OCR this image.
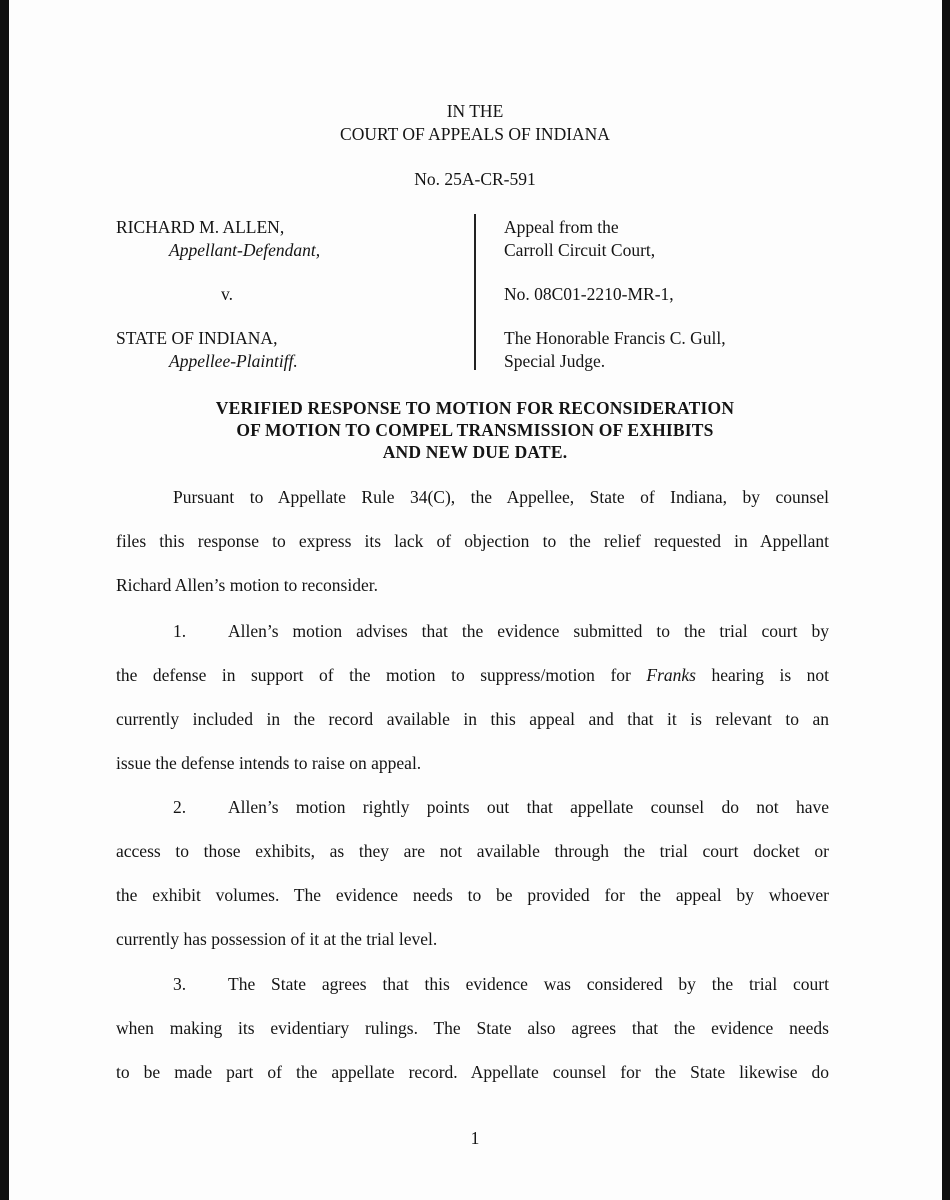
IN THE
COURT OF APPEALS OF INDIANA
No. 25A-CR-591
RICHARD M. ALLEN,
Appellant-Defendant,
v.
STATE OF INDIANA,
Appellee-Plaintiff.
Appeal from the
Carroll Circuit Court,
No. 08C01-2210-MR-1,
The Honorable Francis C. Gull,
Special Judge.
VERIFIED RESPONSE TO MOTION FOR RECONSIDERATION
OF MOTION TO COMPEL TRANSMISSION OF EXHIBITS
AND NEW DUE DATE.
Pursuant to Appellate Rule 34(C), the Appellee, State of Indiana, by counsel
files this response to express its lack of objection to the relief requested in Appellant
Richard Allen’s motion to reconsider.
1. Allen’s motion advises that the evidence submitted to the trial court by
the defense in support of the motion to suppress/motion for Franks hearing is not
currently included in the record available in this appeal and that it is relevant to an
issue the defense intends to raise on appeal.
2. Allen’s motion rightly points out that appellate counsel do not have
access to those exhibits, as they are not available through the trial court docket or
the exhibit volumes. The evidence needs to be provided for the appeal by whoever
currently has possession of it at the trial level.
3. The State agrees that this evidence was considered by the trial court
when making its evidentiary rulings. The State also agrees that the evidence needs
to be made part of the appellate record. Appellate counsel for the State likewise do
1
